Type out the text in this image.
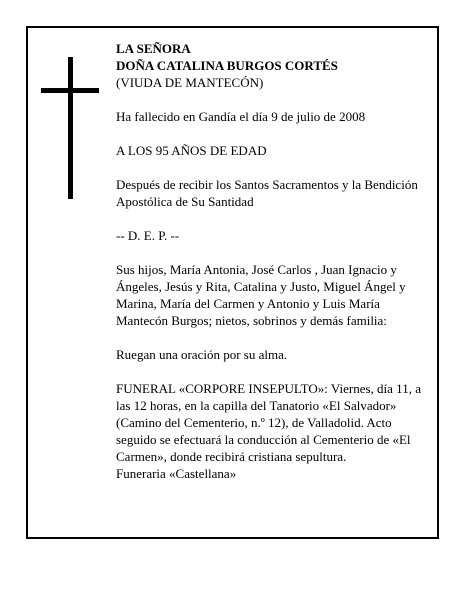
LA SEÑORA
DOÑA CATALINA BURGOS CORTÉS
(VIUDA DE MANTECÓN)

Ha fallecido en Gandía el día 9 de julio de 2008

A LOS 95 AÑOS DE EDAD

Después de recibir los Santos Sacramentos y la Bendición Apostólica de Su Santidad

-- D. E. P. --

Sus hijos, María Antonia, José Carlos , Juan Ignacio y Ángeles, Jesús y Rita, Catalina y Justo, Miguel Ángel y Marina, María del Carmen y Antonio y Luis María Mantecón Burgos; nietos, sobrinos y demás familia:

Ruegan una oración por su alma.

FUNERAL «CORPORE INSEPULTO»: Viernes, día 11, a las 12 horas, en la capilla del Tanatorio «El Salvador» (Camino del Cementerio, n.º 12), de Valladolid. Acto seguido se efectuará la conducción al Cementerio de «El Carmen», donde recibirá cristiana sepultura.

Funeraria «Castellana»
